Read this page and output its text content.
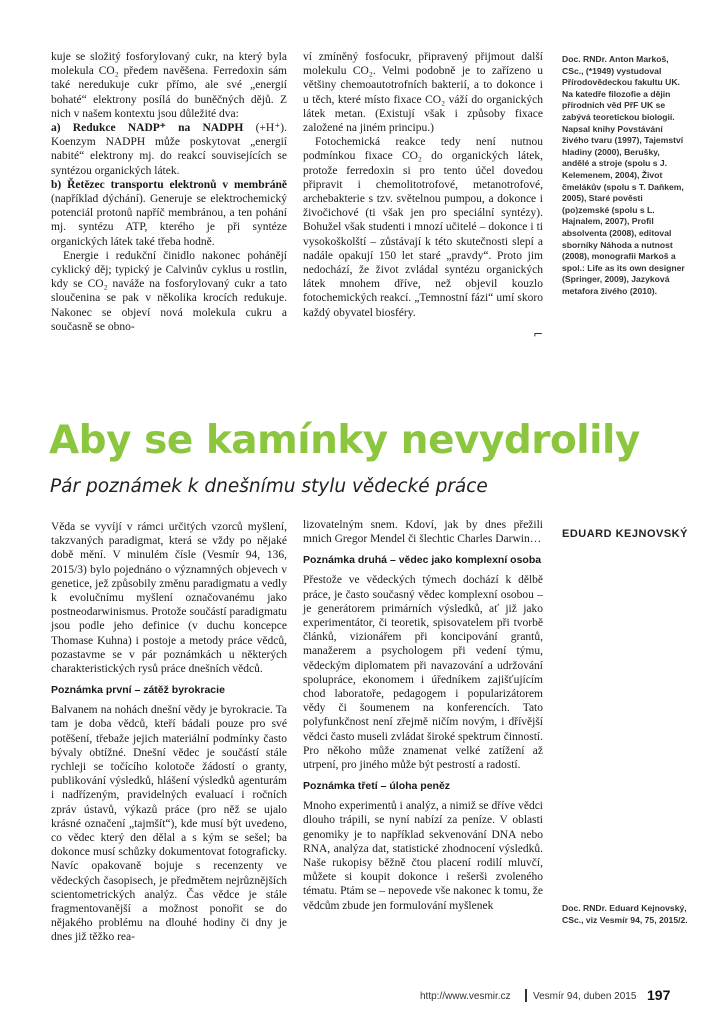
kuje se složitý fosforylovaný cukr, na který byla molekula CO₂ předem navěšena. Ferredoxin sám také neredukuje cukr přímo, ale své „energií bohaté“ elektrony posílá do buněčných dějů. Z nich v našem kontextu jsou důležité dva:

a) Redukce NADP⁺ na NADPH (+H⁺). Koenzym NADPH může poskytovat „energií nabité“ elektrony mj. do reakcí souvisejících se syntézou organických látek.

b) Řetězec transportu elektronů v membráně (například dýchání). Generuje se elektrochemický potenciál protonů napříč membránou, a ten pohání mj. syntézu ATP, kterého je při syntéze organických látek také třeba hodně.

Energie i redukční činidlo nakonec pohánějí cyklický děj; typický je Calvinův cyklus u rostlin, kdy se CO₂ naváže na fosforylovaný cukr a tato sloučenina se pak v několika krocích redukuje. Nakonec se objeví nová molekula cukru a současně se obno-

ví zmíněný fosfocukr, připravený přijmout další molekulu CO₂. Velmi podobně je to zařízeno u většiny chemoautotrofních bakterií, a to dokonce i u těch, které místo fixace CO₂ váží do organických látek metan. (Existují však i způsoby fixace založené na jiném principu.)

Fotochemická reakce tedy není nutnou podmínkou fixace CO₂ do organických látek, protože ferredoxin si pro tento účel dovedou připravit i chemolitotrofové, metanotrofové, archebakterie s tzv. světelnou pumpou, a dokonce i živočichové (ti však jen pro speciální syntézy). Bohužel však studenti i mnozí učitelé – dokonce i ti vysokoškolští – zůstávají k této skutečnosti slepí a nadále opakují 150 let staré „pravdy“. Proto jim nedochází, že život zvládal syntézu organických látek mnohem dříve, než objevil kouzlo fotochemických reakcí. „Temnostní fázi“ umí skoro každý obyvatel biosféry.

⌐
Doc. RNDr. Anton Markoš, CSc., (*1949) vystudoval Přírodovědeckou fakultu UK. Na katedře filozofie a dějin přírodních věd PřF UK se zabývá teoretickou biologií. Napsal knihy Povstávání živého tvaru (1997), Tajemství hladiny (2000), Berušky, andělé a stroje (spolu s J. Kelemenem, 2004), Život čmelákův (spolu s T. Daňkem, 2005), Staré pověsti (po)zemské (spolu s L. Hajnalem, 2007), Profil absolventa (2008), editoval sborníky Náhoda a nutnost (2008), monografii Markoš a spol.: Life as its own designer (Springer, 2009), Jazyková metafora živého (2010).
Aby se kamínky nevydrolily
Pár poznámek k dnešnímu stylu vědecké práce
EDUARD KEJNOVSKÝ

Věda se vyvíjí v rámci určitých vzorců myšlení, takzvaných paradigmat, která se vždy po nějaké době mění. V minulém čísle (Vesmír 94, 136, 2015/3) bylo pojednáno o významných objevech v genetice, jež způsobily změnu paradigmatu a vedly k evolučnímu myšlení označovanému jako postneodarwinismus. Protože součástí paradigmatu jsou podle jeho definice (v duchu koncepce Thomase Kuhna) i postoje a metody práce vědců, pozastavme se v pár poznámkách u některých charakteristických rysů práce dnešních vědců.

Poznámka první – zátěž byrokracie

Balvanem na nohách dnešní vědy je byrokracie. Ta tam je doba vědců, kteří bádali pouze pro své potěšení, třebaže jejich materiální podmínky často bývaly obtížné. Dnešní vědec je součástí stále rychleji se točícího kolotoče žádostí o granty, publikování výsledků, hlášení výsledků agenturám i nadřízeným, pravidelných evaluací i ročních zpráv ústavů, výkazů práce (pro něž se ujalo krásné označení „tajmšít“), kde musí být uvedeno, co vědec který den dělal a s kým se sešel; ba dokonce musí schůzky dokumentovat fotograficky. Navíc opakovaně bojuje s recenzenty ve vědeckých časopisech, je předmětem nejrůznějších scientometrických analýz. Čas vědce je stále fragmentovanější a možnost ponořit se do nějakého problému na dlouhé hodiny či dny je dnes již těžko rea-

lizovatelným snem. Kdoví, jak by dnes přežili mnich Gregor Mendel či šlechtic Charles Darwin…

Poznámka druhá – vědec jako komplexní osoba

Přestože ve vědeckých týmech dochází k dělbě práce, je často současný vědec komplexní osobou – je generátorem primárních výsledků, ať již jako experimentátor, či teoretik, spisovatelem při tvorbě článků, vizionářem při koncipování grantů, manažerem a psychologem při vedení týmu, vědeckým diplomatem při navazování a udržování spolupráce, ekonomem i úředníkem zajišťujícím chod laboratoře, pedagogem i popularizátorem vědy či šoumenem na konferencích. Tato polyfunkčnost není zřejmě ničím novým, i dřívější vědci často museli zvládat široké spektrum činností. Pro někoho může znamenat velké zatížení až utrpení, pro jiného může být pestrostí a radostí.

Poznámka třetí – úloha peněz

Mnoho experimentů i analýz, a nimiž se dříve vědci dlouho trápili, se nyní nabízí za peníze. V oblasti genomiky je to například sekvenování DNA nebo RNA, analýza dat, statistické zhodnocení výsledků. Naše rukopisy běžně čtou placení rodilí mluvčí, můžete si koupit dokonce i rešerši zvoleného tématu. Ptám se – nepovede vše nakonec k tomu, že vědcům zbude jen formulování myšlenek	Doc. RNDr. Eduard Kejnovský, CSc., viz Vesmír 94, 75, 2015/2.
http://www.vesmir.cz Vesmír 94, duben 2015 197
